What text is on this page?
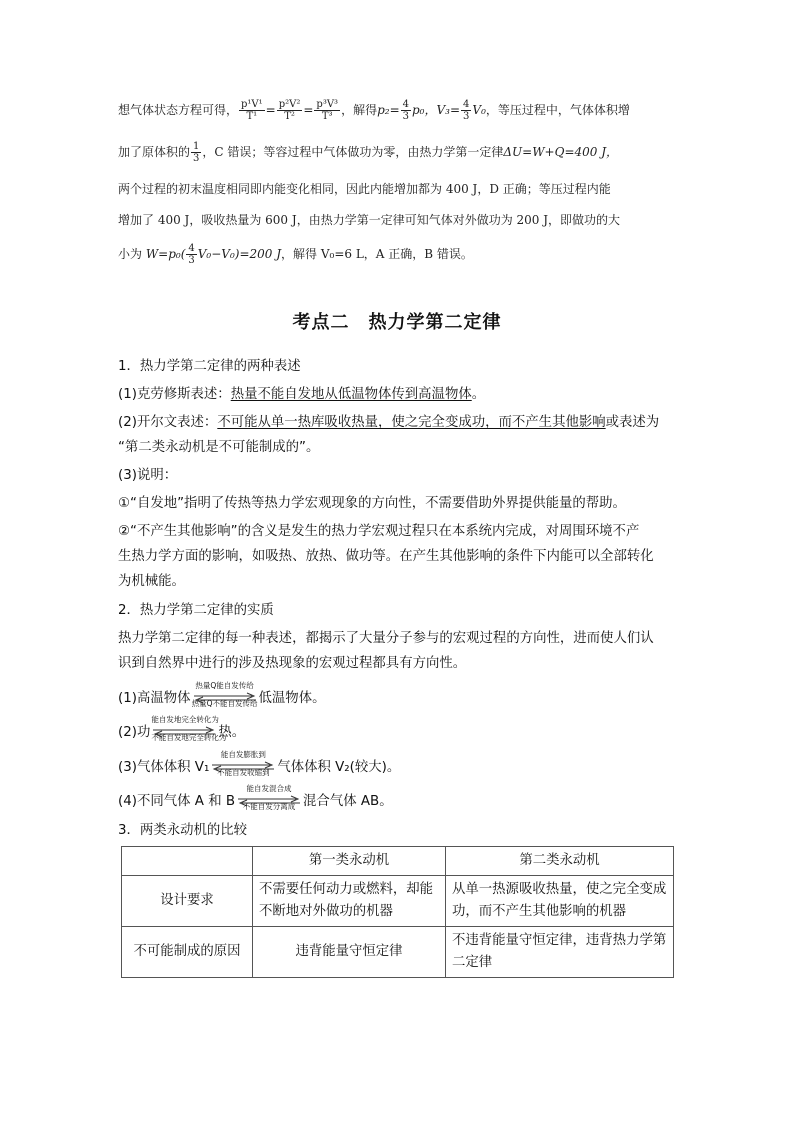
想气体状态方程可得， $\frac{\text{p¹V¹}}{\text{T¹}} = \frac{\text{p²V²}}{\text{T²}} = \frac{\text{p³V³}}{\text{T³}}$ ，解得$p_2= \frac{4}{3} p_0$，$V_3= \frac{4}{3} V_0$，等压过程中，气体体积增
加了原体积的 $\frac{1}{3}$ ，C 错误；等容过程中气体做功为零，由热力学第一定律ΔU=W+Q=400 J，
两个过程的初末温度相同即内能变化相同，因此内能增加都为 400 J，D 正确；等压过程内能
增加了 400 J，吸收热量为 600 J，由热力学第一定律可知气体对外做功为 200 J，即做功的大
小为 $W=p_0( \frac{4}{3} V_0-V_0)=200$ J，解得 V₀=6 L，A 正确，B 错误。
考点二　热力学第二定律
1．热力学第二定律的两种表述
(1)克劳修斯表述：热量不能自发地从低温物体传到高温物体。
(2)开尔文表述：不可能从单一热库吸收热量，使之完全变成功，而不产生其他影响或表述为
“第二类永动机是不可能制成的”。
(3)说明：
①“自发地”指明了传热等热力学宏观现象的方向性，不需要借助外界提供能量的帮助。
②“不产生其他影响”的含义是发生的热力学宏观过程只在本系统内完成，对周围环境不产
生热力学方面的影响，如吸热、放热、做功等。在产生其他影响的条件下内能可以全部转化
为机械能。
2．热力学第二定律的实质
热力学第二定律的每一种表述，都揭示了大量分子参与的宏观过程的方向性，进而使人们认
识到自然界中进行的涉及热现象的宏观过程都具有方向性。
(1)高温物体
热量Q能自发传给
热量Q不能自发传给 低温物体。
(2)功
能自发地完全转化为
不能自发地完全转化为
热。
(3)气体体积 V₁
能自发膨胀到
不能自发收缩到 气体体积 V₂(较大)。
(4)不同气体 A 和 B
能自发混合成
不能自发分离成 混合气体 AB。
3．两类永动机的比较
	第一类永动机	第二类永动机
设计要求	不需要任何动力或燃料，却能不断地对外做功的机器	从单一热源吸收热量，使之完全变成功，而不产生其他影响的机器
不可能制成的原因	违背能量守恒定律	不违背能量守恒定律，违背热力学第二定律
